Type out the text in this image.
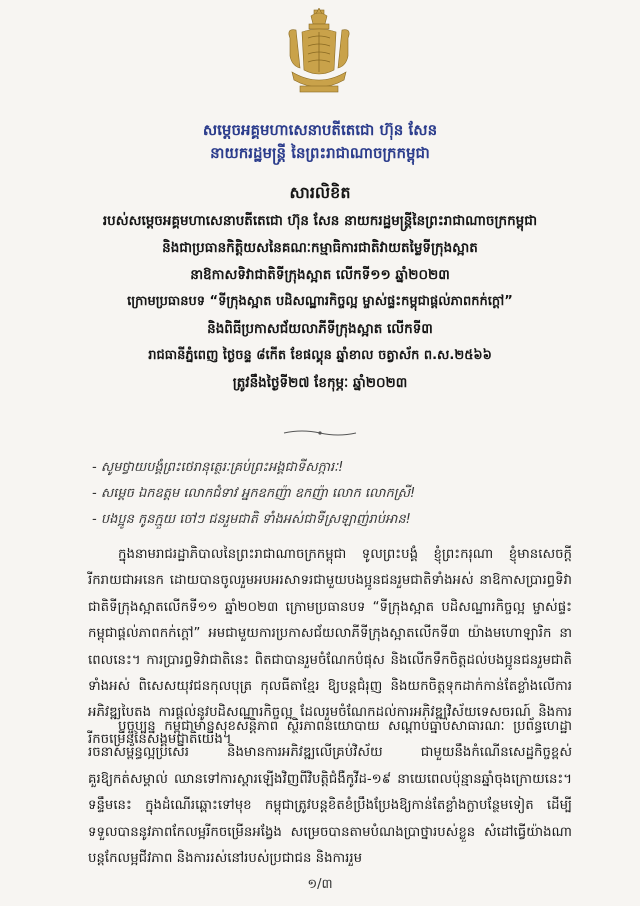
សម្ដេចអគ្គមហាសេនាបតីតេជោ ហ៊ុន សែន
នាយករដ្ឋមន្ត្រី នៃព្រះរាជាណាចក្រកម្ពុជា
សារលិខិត
របស់សម្ដេចអគ្គមហាសេនាបតីតេជោ ហ៊ុន សែន នាយករដ្ឋមន្ត្រីនៃព្រះរាជាណាចក្រកម្ពុជា
និងជាប្រធានកិត្តិយសនៃគណៈកម្មាធិការជាតិវាយតម្លៃទីក្រុងស្អាត
នាឱកាសទិវាជាតិទីក្រុងស្អាត លើកទី១១ ឆ្នាំ២០២៣
ក្រោមប្រធានបទ “ទីក្រុងស្អាត បដិសណ្ឋារកិច្ចល្អ ម្ចាស់ផ្ទះកម្ពុជាផ្ដល់ភាពកក់ក្ដៅ”
និងពិធីប្រកាសជ័យលាភីទីក្រុងស្អាត លើកទី៣
រាជធានីភ្នំពេញ ថ្ងៃចន្ទ ៨កើត ខែផល្គុន ឆ្នាំខាល ចត្វាស័ក ព.ស.២៥៦៦
ត្រូវនឹងថ្ងៃទី២៧ ខែកុម្ភៈ ឆ្នាំ២០២៣
- សូមថ្វាយបង្គំព្រះថេរានុត្ថេរៈគ្រប់ព្រះអង្គជាទីសក្ការៈ!
- សម្ដេច ឯកឧត្ដម លោកជំទាវ អ្នកឧកញ៉ា ឧកញ៉ា លោក លោកស្រី!
- បងប្អូន កូនក្មួយ ចៅៗ ជនរួមជាតិ ទាំងអស់ជាទីស្រឡាញ់រាប់អាន!
ក្នុងនាមរាជរដ្ឋាភិបាលនៃព្រះរាជាណាចក្រកម្ពុជា ទូលព្រះបង្គំ ខ្ញុំព្រះករុណា ខ្ញុំមានសេចក្ដីរីករាយជាអនេក ដោយបានចូលរួមអបអរសាទរជាមួយបងប្អូនជនរួមជាតិទាំងអស់ នាឱកាសប្រារព្ធទិវាជាតិទីក្រុងស្អាតលើកទី១១ ឆ្នាំ២០២៣ ក្រោមប្រធានបទ “ទីក្រុងស្អាត បដិសណ្ឋារកិច្ចល្អ ម្ចាស់ផ្ទះកម្ពុជាផ្ដល់ភាពកក់ក្ដៅ” អមជាមួយការប្រកាសជ័យលាភីទីក្រុងស្អាតលើកទី៣ យ៉ាងមហោឡារិក នាពេលនេះ។ ការប្រារព្ធទិវាជាតិនេះ ពិតជាបានរួមចំណែកបំផុស និងលើកទឹកចិត្តដល់បងប្អូនជនរួមជាតិទាំងអស់ ពិសេសយុវជនកុលបុត្រ កុលធីតាខ្មែរ ឱ្យបន្តជំរុញ និងយកចិត្តទុកដាក់កាន់តែខ្លាំងលើការអភិវឌ្ឍបៃតង ការផ្ដល់នូវបដិសណ្ឋារកិច្ចល្អ ដែលរួមចំណែកដល់ការអភិវឌ្ឍវិស័យទេសចរណ៍ និងការរីកចម្រើននៃសង្គមជាតិយើង។
បច្ចុប្បន្ន កម្ពុជាមានសុខសន្តិភាព ស្ថិរភាពនយោបាយ សណ្ដាប់ធ្នាប់សាធារណៈ ប្រព័ន្ធហេដ្ឋារចនាសម្ព័ន្ធល្អប្រសើរ និងមានការអភិវឌ្ឍលើគ្រប់វិស័យ ជាមួយនឹងកំណើនសេដ្ឋកិច្ចខ្ពស់គួរឱ្យកត់សម្គាល់ ឈានទៅការស្តារឡើងវិញពីវិបត្តិជំងឺកូវីដ-១៩ នាយេពេលប៉ុន្មានឆ្នាំចុងក្រោយនេះ។ ទន្ទឹមនេះ ក្នុងដំណើរឆ្ពោះទៅមុខ កម្ពុជាត្រូវបន្តខិតខំប្រឹងប្រែងឱ្យកាន់តែខ្លាំងក្លាបន្ថែមទៀត ដើម្បីទទួលបាននូវភាពកែលម្អរីកចម្រើនអង្វែង សម្រេចបានតាមបំណងប្រាថ្នារបស់ខ្លួន សំដៅធ្វើយ៉ាងណាបន្តកែលម្អជីវភាព និងការរស់នៅរបស់ប្រជាជន និងការរួម
១/៣
